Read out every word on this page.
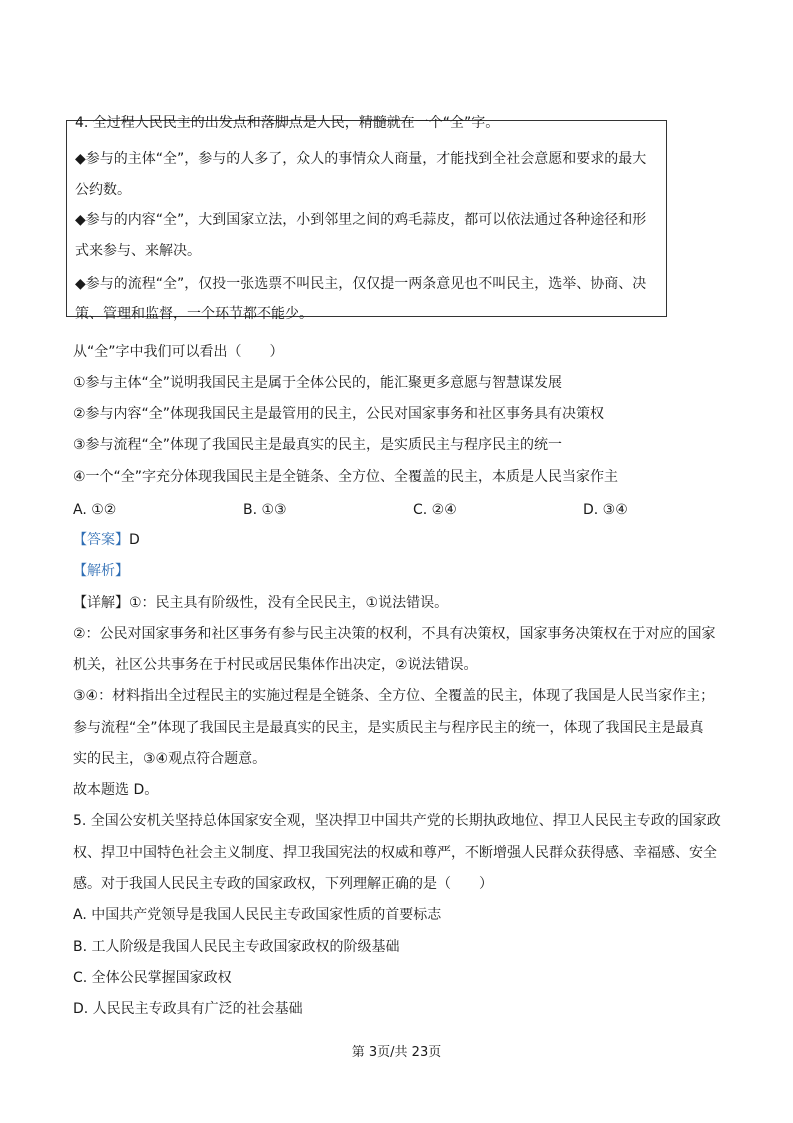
4. 全过程人民民主的出发点和落脚点是人民，精髓就在一个“全”字。
◆参与的主体“全”，参与的人多了，众人的事情众人商量，才能找到全社会意愿和要求的最大
公约数。
◆参与的内容“全”，大到国家立法，小到邻里之间的鸡毛蒜皮，都可以依法通过各种途径和形
式来参与、来解决。
◆参与的流程“全”，仅投一张选票不叫民主，仅仅提一两条意见也不叫民主，选举、协商、决
策、管理和监督，一个环节都不能少。
从“全”字中我们可以看出（　　）
①参与主体“全”说明我国民主是属于全体公民的，能汇聚更多意愿与智慧谋发展
②参与内容“全”体现我国民主是最管用的民主，公民对国家事务和社区事务具有决策权
③参与流程“全”体现了我国民主是最真实的民主，是实质民主与程序民主的统一
④一个“全”字充分体现我国民主是全链条、全方位、全覆盖的民主，本质是人民当家作主
A. ①②	B. ①③	C. ②④	D. ③④
【答案】D
【解析】
【详解】①：民主具有阶级性，没有全民民主，①说法错误。
②：公民对国家事务和社区事务有参与民主决策的权利，不具有决策权，国家事务决策权在于对应的国家
机关，社区公共事务在于村民或居民集体作出决定，②说法错误。
③④：材料指出全过程民主的实施过程是全链条、全方位、全覆盖的民主，体现了我国是人民当家作主；
参与流程“全”体现了我国民主是最真实的民主，是实质民主与程序民主的统一，体现了我国民主是最真
实的民主，③④观点符合题意。
故本题选 D。
5. 全国公安机关坚持总体国家安全观，坚决捍卫中国共产党的长期执政地位、捍卫人民民主专政的国家政
权、捍卫中国特色社会主义制度、捍卫我国宪法的权威和尊严，不断增强人民群众获得感、幸福感、安全
感。对于我国人民民主专政的国家政权，下列理解正确的是（　　）
A. 中国共产党领导是我国人民民主专政国家性质的首要标志
B. 工人阶级是我国人民民主专政国家政权的阶级基础
C. 全体公民掌握国家政权
D. 人民民主专政具有广泛的社会基础
第 3页/共 23页
